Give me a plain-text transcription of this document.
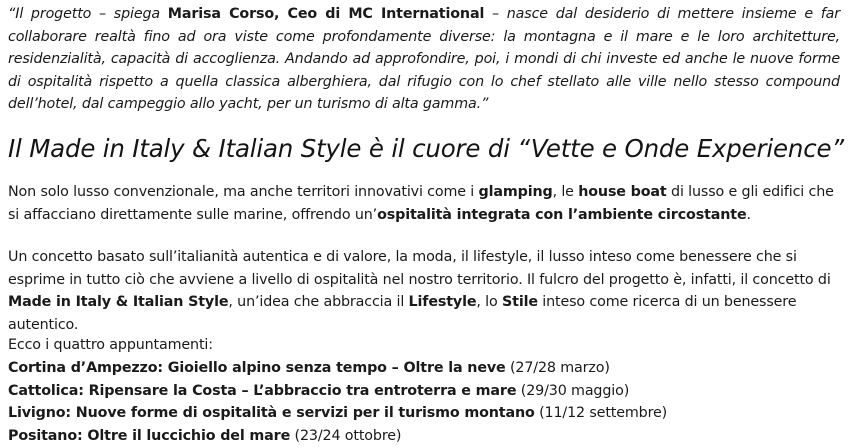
“Il progetto – spiega Marisa Corso, Ceo di MC International – nasce dal desiderio di mettere insieme e far collaborare realtà fino ad ora viste come profondamente diverse: la montagna e il mare e le loro architetture, residenzialità, capacità di accoglienza. Andando ad approfondire, poi, i mondi di chi investe ed anche le nuove forme di ospitalità rispetto a quella classica alberghiera, dal rifugio con lo chef stellato alle ville nello stesso compound dell’hotel, dal campeggio allo yacht, per un turismo di alta gamma.”

Il Made in Italy & Italian Style è il cuore di “Vette e Onde Experience”

Non solo lusso convenzionale, ma anche territori innovativi come i glamping, le house boat di lusso e gli edifici che si affacciano direttamente sulle marine, offrendo un’ospitalità integrata con l’ambiente circostante.

Un concetto basato sull’italianità autentica e di valore, la moda, il lifestyle, il lusso inteso come benessere che si esprime in tutto ciò che avviene a livello di ospitalità nel nostro territorio. Il fulcro del progetto è, infatti, il concetto di Made in Italy & Italian Style, un’idea che abbraccia il Lifestyle, lo Stile inteso come ricerca di un benessere autentico.

Ecco i quattro appuntamenti:

Cortina d’Ampezzo: Gioiello alpino senza tempo – Oltre la neve (27/28 marzo)
Cattolica: Ripensare la Costa – L’abbraccio tra entroterra e mare (29/30 maggio)
Livigno: Nuove forme di ospitalità e servizi per il turismo montano (11/12 settembre)
Positano: Oltre il luccichio del mare (23/24 ottobre)
